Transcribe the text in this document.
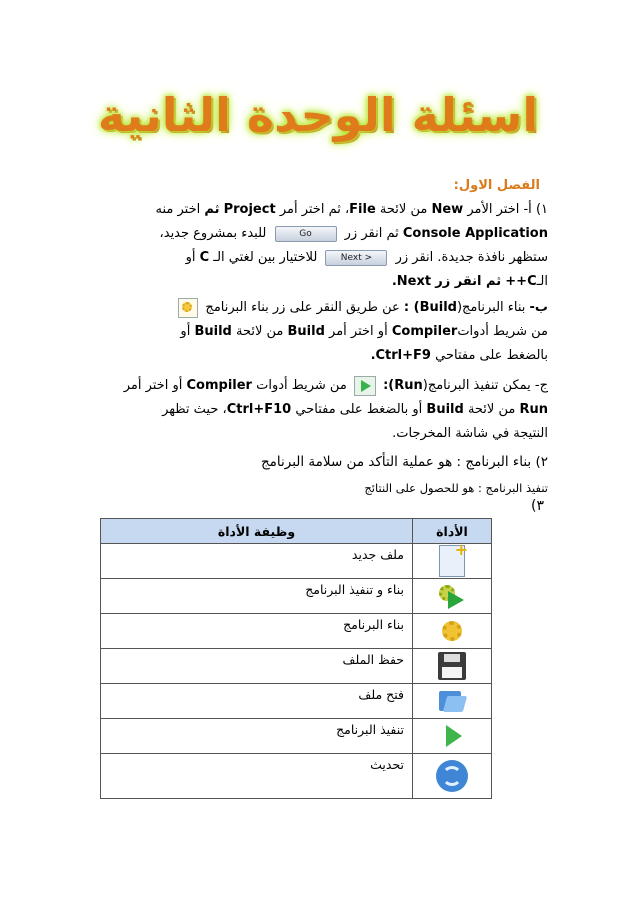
اسئلة الوحدة الثانية
الفصل الاول:
١) أ- اختر الأمر New من لائحة File، ثم اختر أمر Project ثم اختر منه
Console Application ثم انقر زر Go للبدء بمشروع جديد،
ستظهر نافذة جديدة. انقر زر Next > للاختيار بين لغتي الـ C أو
الـC++ ثم انقر زر Next.
ب- بناء البرنامج(Build) : عن طريق النقر على زر بناء البرنامج
من شريط أدواتCompiler أو اختر أمر Build من لائحة Build أو
بالضغط على مفتاحي Ctrl+F9.
ج- يمكن تنفيذ البرنامج(Run):  من شريط أدوات Compiler أو اختر أمر
Run من لائحة Build أو بالضغط على مفتاحي Ctrl+F10، حيث تظهر
النتيجة في شاشة المخرجات.
٢) بناء البرنامج : هو عملية التأكد من سلامة البرنامج
تنفيذ البرنامج : هو للحصول على النتائج
٣)
الأداة	وظيفة الأداة
+	ملف جديد
	بناء و تنفيذ البرنامج
	بناء البرنامج
	حفظ الملف
	فتح ملف
	تنفيذ البرنامج
	تحديث
